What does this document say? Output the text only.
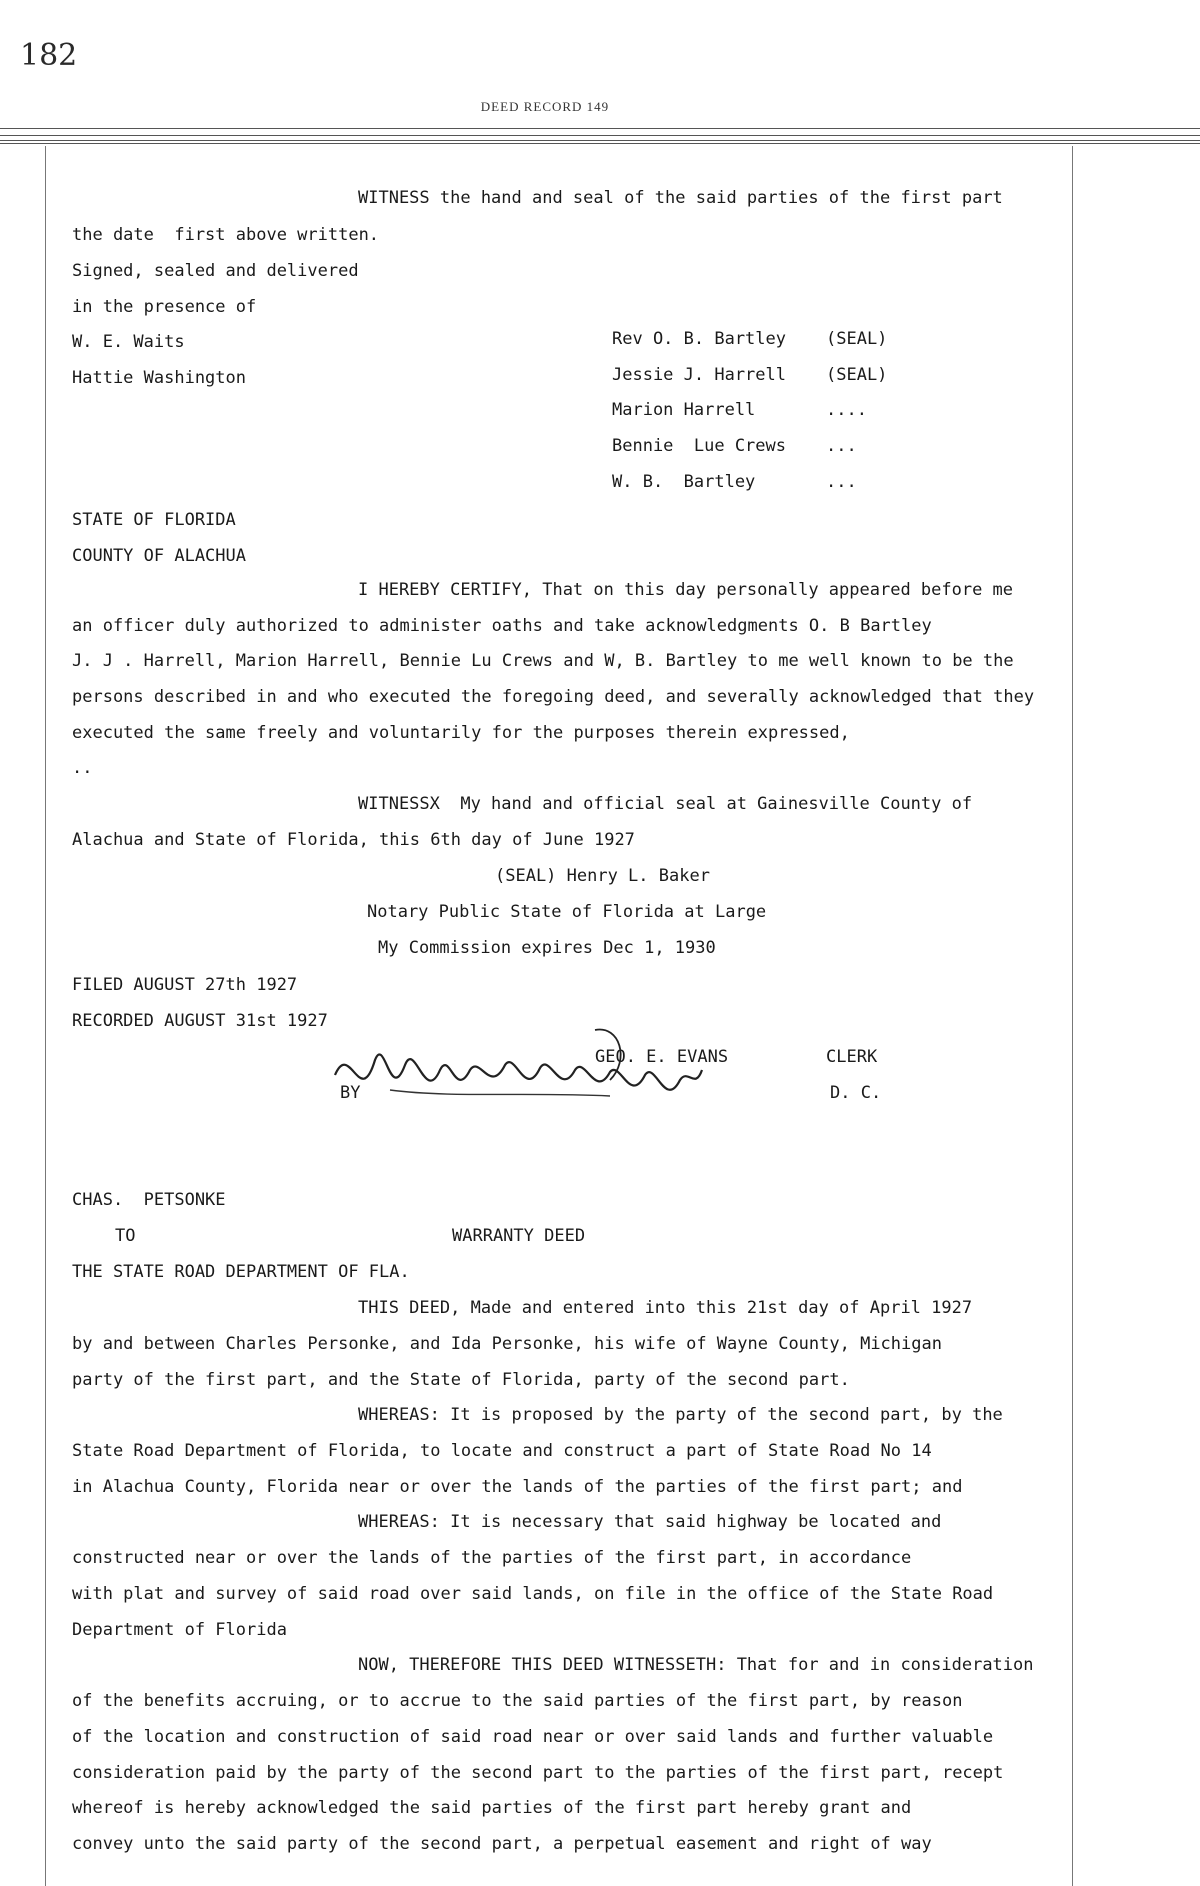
182
DEED RECORD 149
WITNESS the hand and seal of the said parties of the first part
the date  first above written.
Signed, sealed and delivered
in the presence of
W. E. Waits
Hattie Washington
Rev O. B. Bartley (SEAL)
Jessie J. Harrell (SEAL)
Marion Harrell	....
Bennie  Lue Crews ...
W. B.  Bartley	...
STATE OF FLORIDA
COUNTY OF ALACHUA
I HEREBY CERTIFY, That on this day personally appeared before me
an officer duly authorized to administer oaths and take acknowledgments O. B Bartley
J. J . Harrell, Marion Harrell, Bennie Lu Crews and W, B. Bartley to me well known to be the
persons described in and who executed the foregoing deed, and severally acknowledged that they
executed the same freely and voluntarily for the purposes therein expressed,
..
WITNESSX  My hand and official seal at Gainesville County of
Alachua and State of Florida, this 6th day of June 1927
(SEAL) Henry L. Baker
Notary Public State of Florida at Large
My Commission expires Dec 1, 1930
FILED AUGUST 27th 1927
RECORDED AUGUST 31st 1927
GEO. E. EVANS	CLERK
BY	D. C.
CHAS.  PETSONKE
TO	WARRANTY DEED
THE STATE ROAD DEPARTMENT OF FLA.
THIS DEED, Made and entered into this 21st day of April 1927
by and between Charles Personke, and Ida Personke, his wife of Wayne County, Michigan
party of the first part, and the State of Florida, party of the second part.
WHEREAS: It is proposed by the party of the second part, by the
State Road Department of Florida, to locate and construct a part of State Road No 14
in Alachua County, Florida near or over the lands of the parties of the first part; and
WHEREAS: It is necessary that said highway be located and
constructed near or over the lands of the parties of the first part, in accordance
with plat and survey of said road over said lands, on file in the office of the State Road
Department of Florida
NOW, THEREFORE THIS DEED WITNESSETH: That for and in consideration
of the benefits accruing, or to accrue to the said parties of the first part, by reason
of the location and construction of said road near or over said lands and further valuable
consideration paid by the party of the second part to the parties of the first part, recept
whereof is hereby acknowledged the said parties of the first part hereby grant and
convey unto the said party of the second part, a perpetual easement and right of way
